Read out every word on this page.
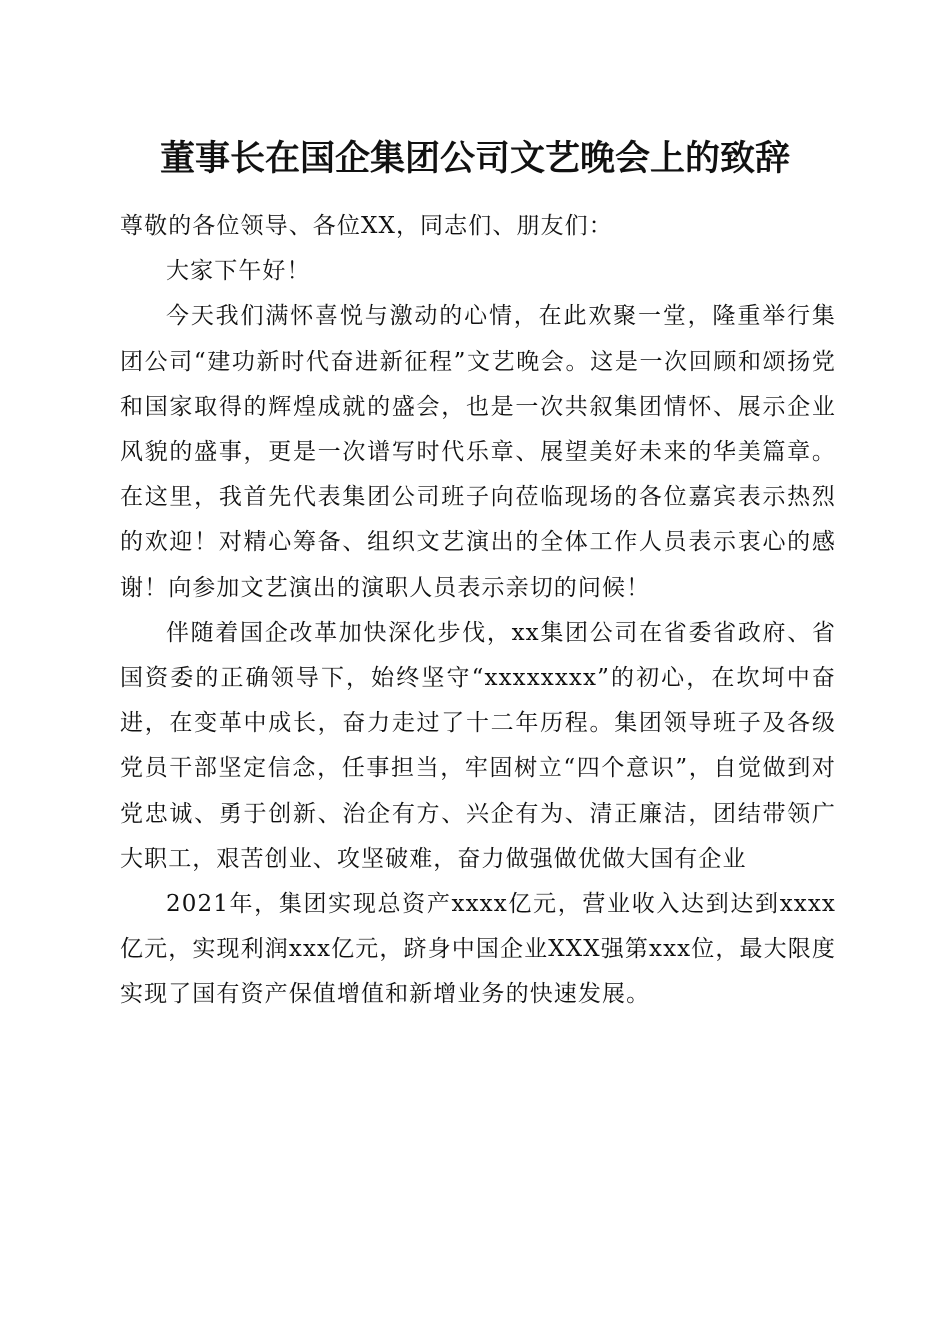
董事长在国企集团公司文艺晚会上的致辞

尊敬的各位领导、各位XX，同志们、朋友们：

大家下午好！

今天我们满怀喜悦与激动的心情，在此欢聚一堂，隆重举行集团公司“建功新时代奋进新征程”文艺晚会。这是一次回顾和颂扬党和国家取得的辉煌成就的盛会，也是一次共叙集团情怀、展示企业风貌的盛事，更是一次谱写时代乐章、展望美好未来的华美篇章。在这里，我首先代表集团公司班子向莅临现场的各位嘉宾表示热烈的欢迎！对精心筹备、组织文艺演出的全体工作人员表示衷心的感谢！向参加文艺演出的演职人员表示亲切的问候！

伴随着国企改革加快深化步伐，xx集团公司在省委省政府、省国资委的正确领导下，始终坚守“xxxxxxxx”的初心，在坎坷中奋进，在变革中成长，奋力走过了十二年历程。集团领导班子及各级党员干部坚定信念，任事担当，牢固树立“四个意识”，自觉做到对党忠诚、勇于创新、治企有方、兴企有为、清正廉洁，团结带领广大职工，艰苦创业、攻坚破难，奋力做强做优做大国有企业

2021年，集团实现总资产xxxx亿元，营业收入达到达到xxxx亿元，实现利润xxx亿元，跻身中国企业XXX强第xxx位，最大限度实现了国有资产保值增值和新增业务的快速发展。
